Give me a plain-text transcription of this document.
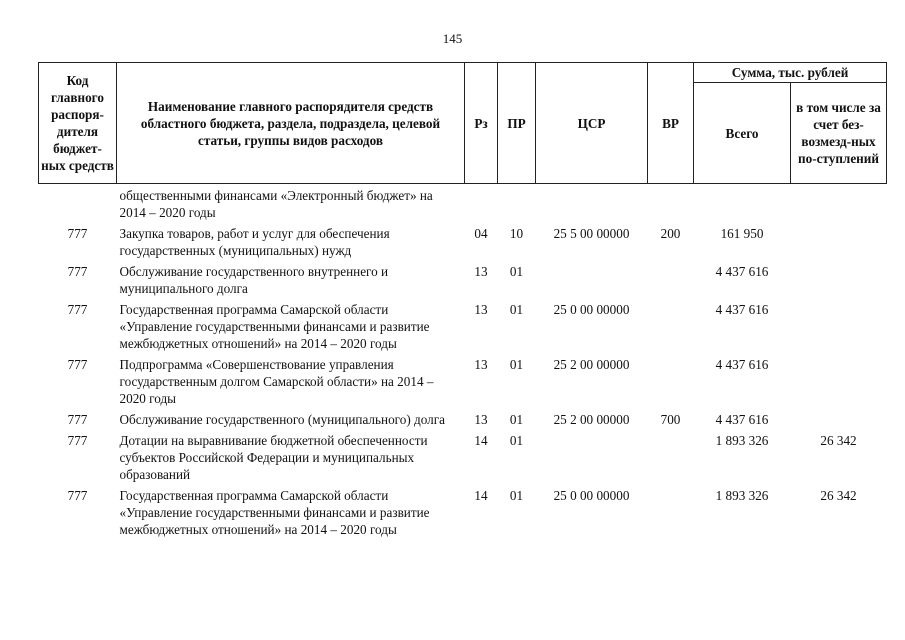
145
Код главного распоря-дителя бюджет-ных средств	Наименование главного распорядителя средств областного бюджета, раздела, подраздела, целевой статьи, группы видов расходов	Рз	ПР	ЦСР	ВР	Сумма, тыс. рублей	
						Всего	в том числе за счет без-возмезд-ных по-ступлений
	общественными финансами «Электронный бюджет» на 2014 – 2020 годы						
777	Закупка товаров, работ и услуг для обеспечения государственных (муниципальных) нужд	04	10	25 5 00 00000	200	161 950	
777	Обслуживание государственного внутреннего и муниципального долга	13	01			4 437 616	
777	Государственная программа Самарской области «Управление государственными финансами и развитие межбюджетных отношений» на 2014 – 2020 годы	13	01	25 0 00 00000		4 437 616	
777	Подпрограмма «Совершенствование управления государственным долгом Самарской области» на 2014 – 2020 годы	13	01	25 2 00 00000		4 437 616	
777	Обслуживание государственного (муниципального) долга	13	01	25 2 00 00000	700	4 437 616	
777	Дотации на выравнивание бюджетной обеспеченности субъектов Российской Федерации и муниципальных образований	14	01			1 893 326	26 342
777	Государственная программа Самарской области «Управление государственными финансами и развитие межбюджетных отношений» на 2014 – 2020 годы	14	01	25 0 00 00000		1 893 326	26 342
